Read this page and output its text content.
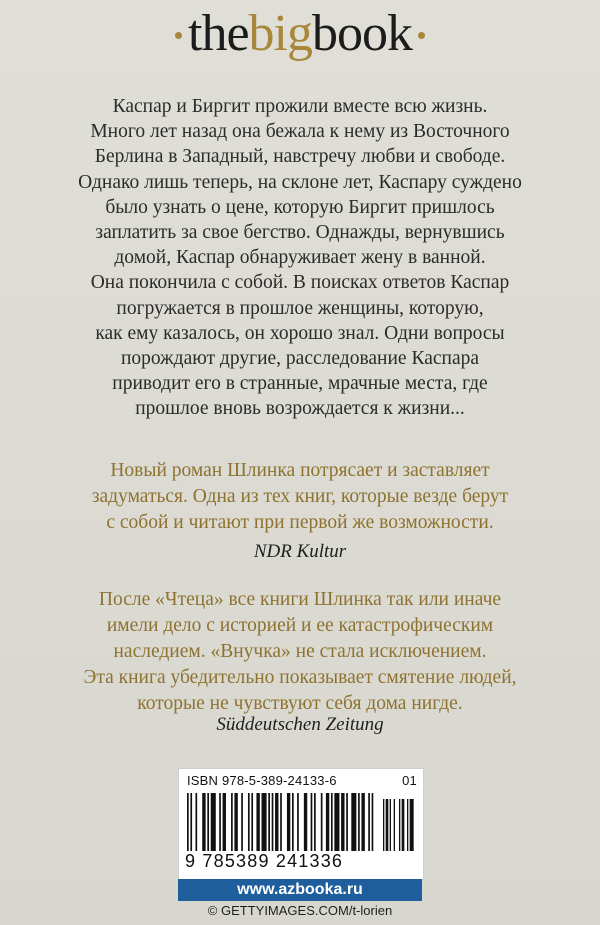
thebigbook
Каспар и Биргит прожили вместе всю жизнь.
Много лет назад она бежала к нему из Восточного
Берлина в Западный, навстречу любви и свободе.
Однако лишь теперь, на склоне лет, Каспару суждено
было узнать о цене, которую Биргит пришлось
заплатить за свое бегство. Однажды, вернувшись
домой, Каспар обнаруживает жену в ванной.
Она покончила с собой. В поисках ответов Каспар
погружается в прошлое женщины, которую,
как ему казалось, он хорошо знал. Одни вопросы
порождают другие, расследование Каспара
приводит его в странные, мрачные места, где
прошлое вновь возрождается к жизни...
Новый роман Шлинка потрясает и заставляет
задуматься. Одна из тех книг, которые везде берут
с собой и читают при первой же возможности.
NDR Kultur
После «Чтеца» все книги Шлинка так или иначе
имели дело с историей и ее катастрофическим
наследием. «Внучка» не стала исключением.
Эта книга убедительно показывает смятение людей,
которые не чувствуют себя дома нигде.
Süddeutschen Zeitung
ISBN 978-5-389-24133-6	01
9 785389 241336
www.azbooka.ru
© GETTYIMAGES.COM/t-lorien
